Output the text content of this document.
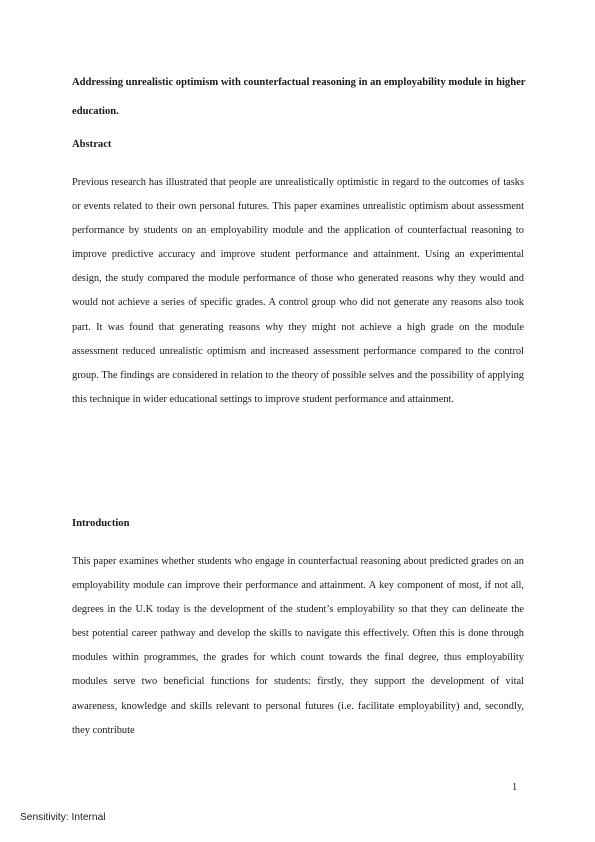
Addressing unrealistic optimism with counterfactual reasoning in an employability module in higher education.

Abstract

Previous research has illustrated that people are unrealistically optimistic in regard to the outcomes of tasks or events related to their own personal futures. This paper examines unrealistic optimism about assessment performance by students on an employability module and the application of counterfactual reasoning to improve predictive accuracy and improve student performance and attainment. Using an experimental design, the study compared the module performance of those who generated reasons why they would and would not achieve a series of specific grades. A control group who did not generate any reasons also took part. It was found that generating reasons why they might not achieve a high grade on the module assessment reduced unrealistic optimism and increased assessment performance compared to the control group. The findings are considered in relation to the theory of possible selves and the possibility of applying this technique in wider educational settings to improve student performance and attainment.

Introduction

This paper examines whether students who engage in counterfactual reasoning about predicted grades on an employability module can improve their performance and attainment. A key component of most, if not all, degrees in the U.K today is the development of the student’s employability so that they can delineate the best potential career pathway and develop the skills to navigate this effectively. Often this is done through modules within programmes, the grades for which count towards the final degree, thus employability modules serve two beneficial functions for students: firstly, they support the development of vital awareness, knowledge and skills relevant to personal futures (i.e. facilitate employability) and, secondly, they contribute

1
Sensitivity: Internal
